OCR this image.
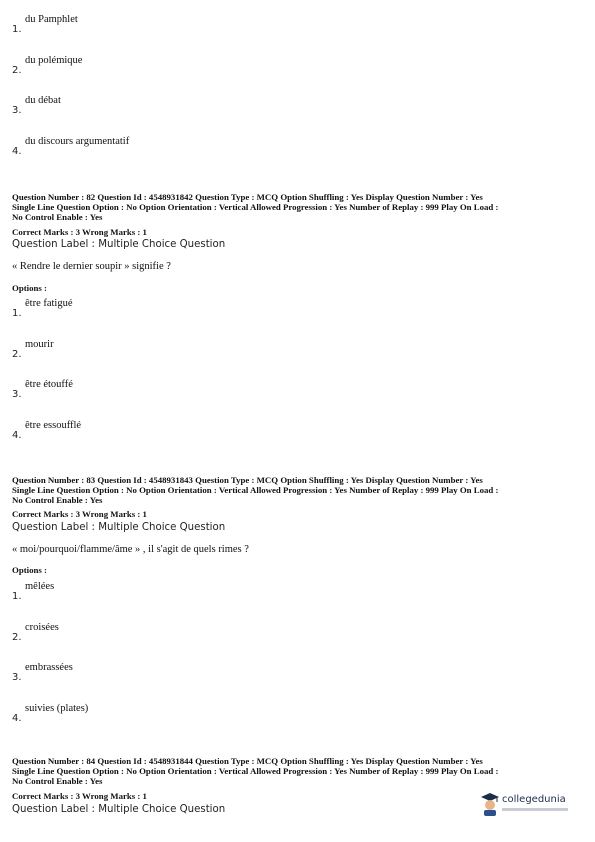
1.
du Pamphlet
2.
du polémique
3.
du débat
4.
du discours argumentatif
Question Number : 82 Question Id : 4548931842 Question Type : MCQ Option Shuffling : Yes Display Question Number : Yes
Single Line Question Option : No Option Orientation : Vertical Allowed Progression : Yes Number of Replay : 999 Play On Load :
No Control Enable : Yes
Correct Marks : 3 Wrong Marks : 1
Question Label : Multiple Choice Question
« Rendre le dernier soupir » signifie ?
Options :
1.
être fatigué
2.
mourir
3.
être étouffé
4.
être essoufflé
Question Number : 83 Question Id : 4548931843 Question Type : MCQ Option Shuffling : Yes Display Question Number : Yes
Single Line Question Option : No Option Orientation : Vertical Allowed Progression : Yes Number of Replay : 999 Play On Load :
No Control Enable : Yes
Correct Marks : 3 Wrong Marks : 1
Question Label : Multiple Choice Question
« moi/pourquoi/flamme/âme » , il s'agit de quels rimes ?
Options :
1.
mêlées
2.
croisées
3.
embrassées
4.
suivies (plates)
Question Number : 84 Question Id : 4548931844 Question Type : MCQ Option Shuffling : Yes Display Question Number : Yes
Single Line Question Option : No Option Orientation : Vertical Allowed Progression : Yes Number of Replay : 999 Play On Load :
No Control Enable : Yes
Correct Marks : 3 Wrong Marks : 1
Question Label : Multiple Choice Question
collegedunia
